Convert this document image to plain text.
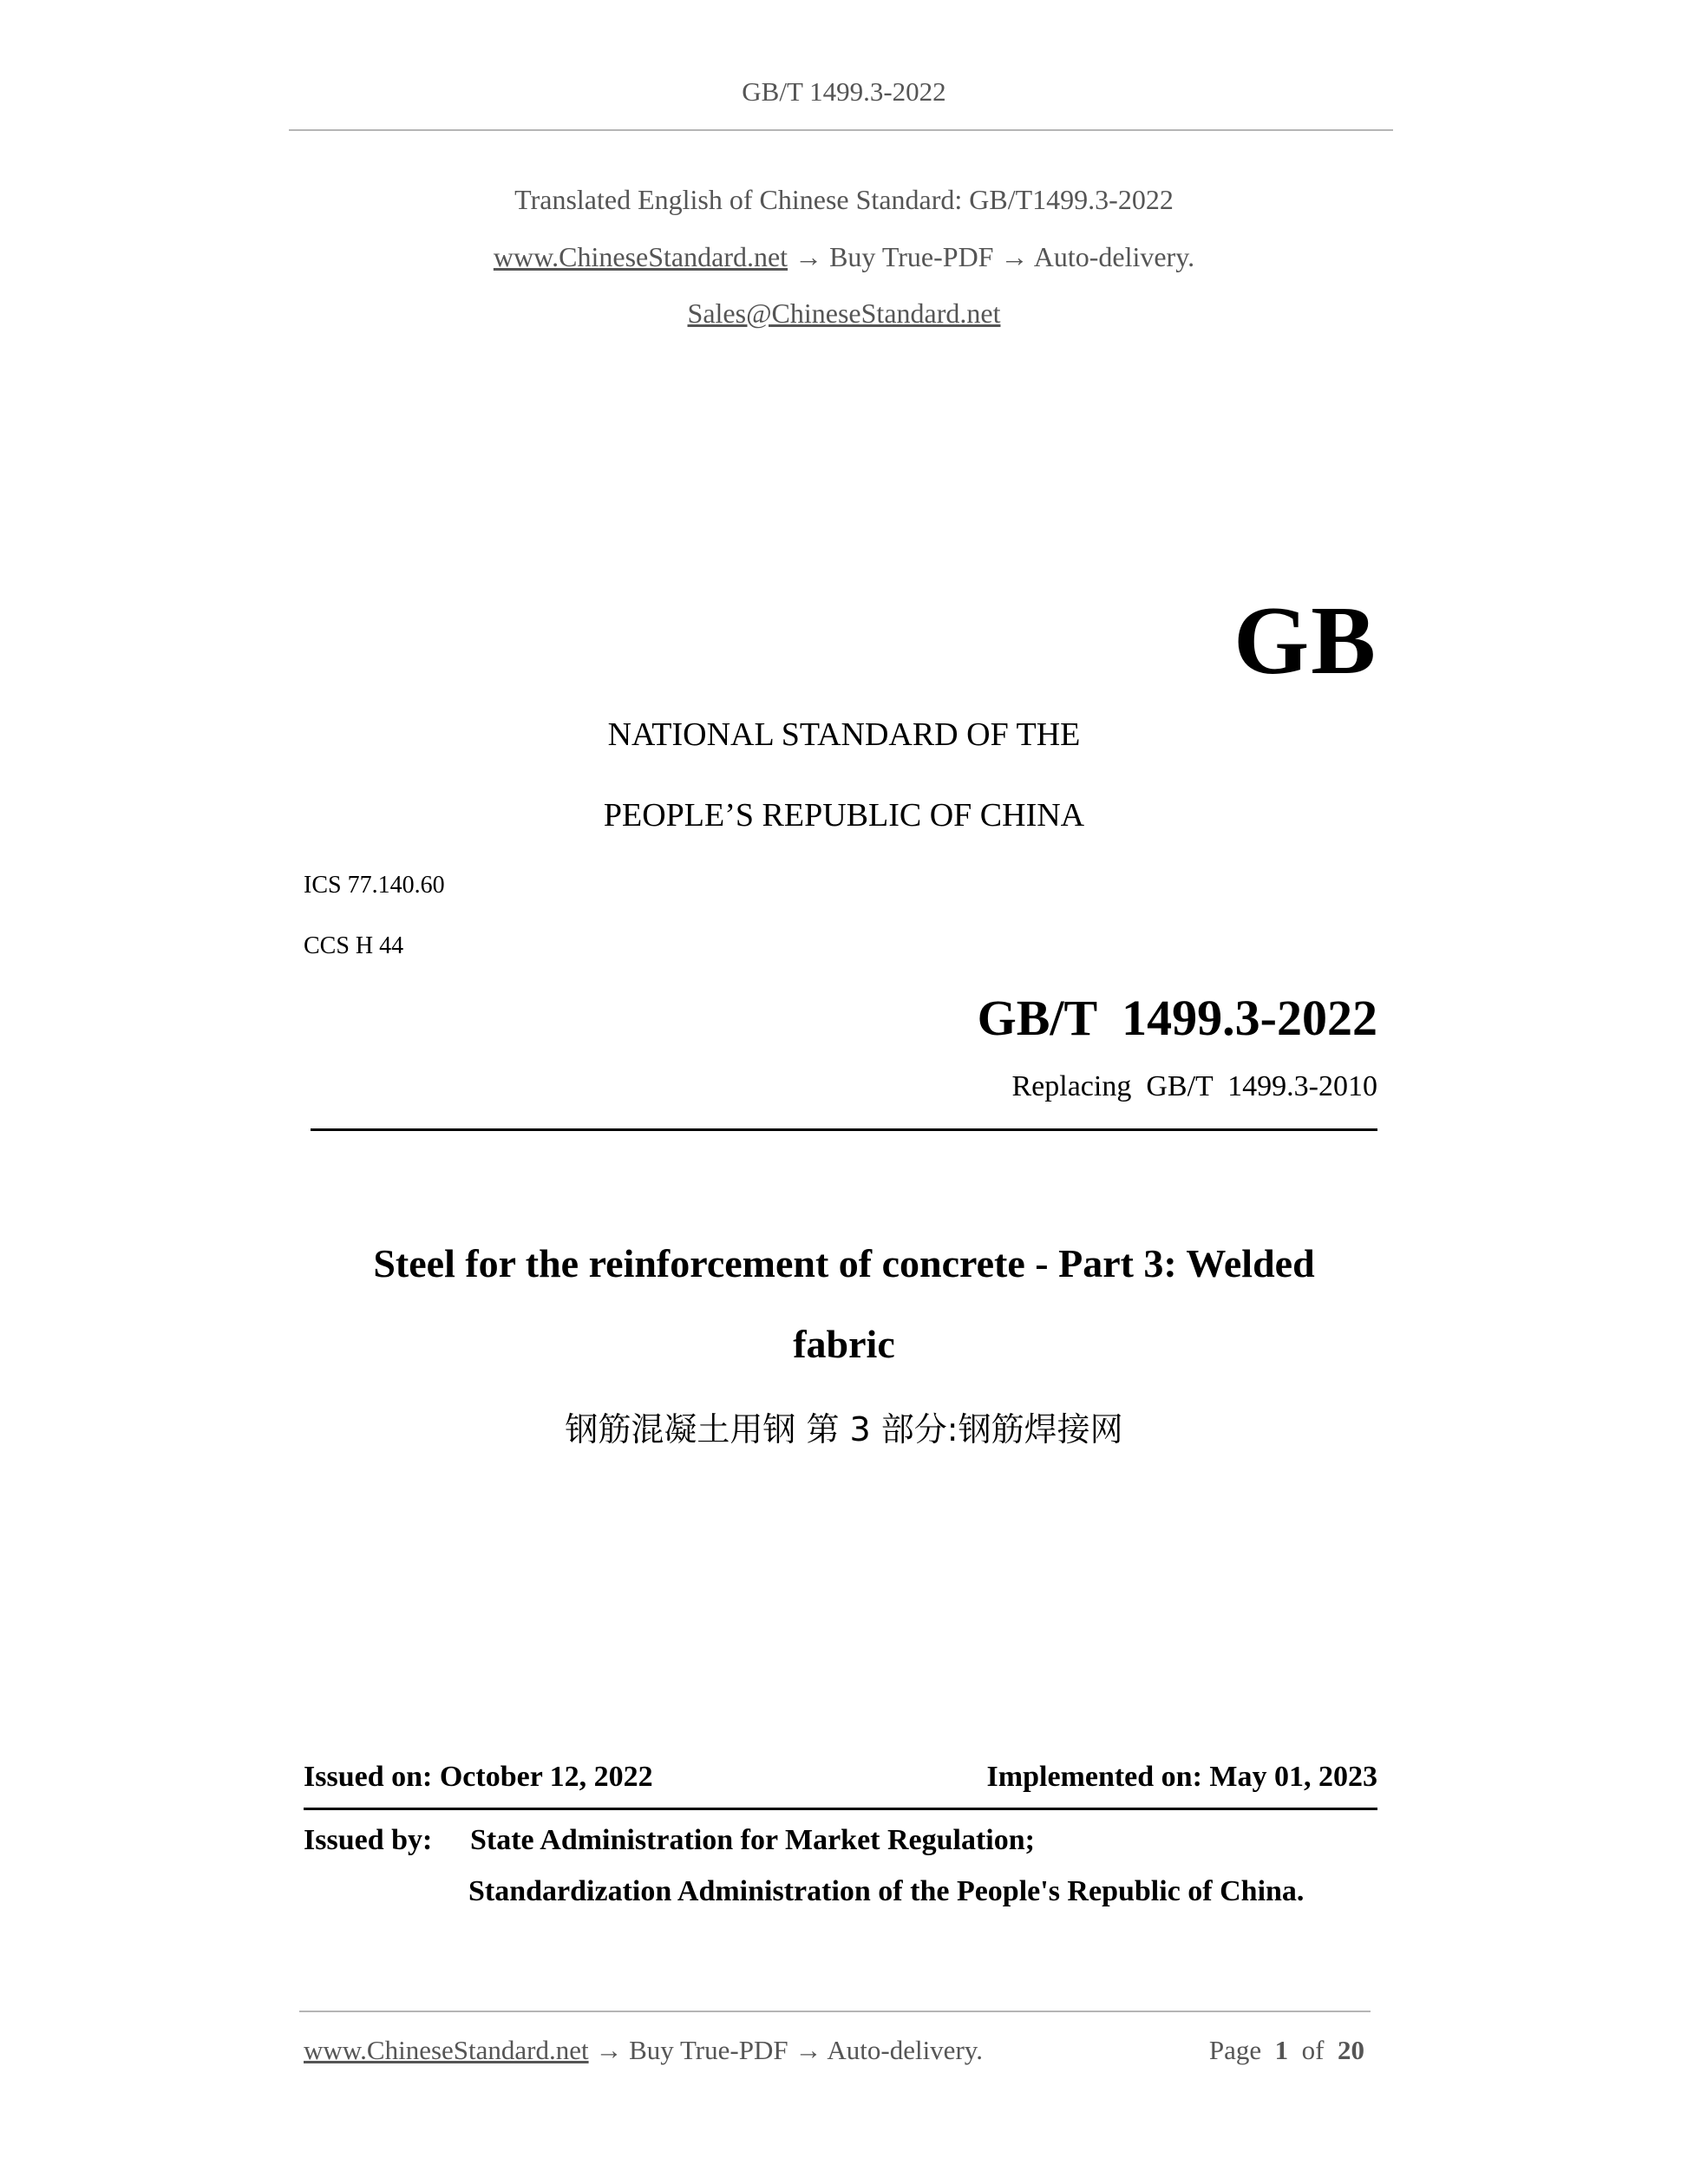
GB/T 1499.3-2022
Translated English of Chinese Standard: GB/T1499.3-2022
www.ChineseStandard.net → Buy True-PDF → Auto-delivery.
Sales@ChineseStandard.net
GB
NATIONAL STANDARD OF THE
PEOPLE’S REPUBLIC OF CHINA
ICS 77.140.60
CCS H 44
GB/T  1499.3-2022
Replacing  GB/T  1499.3-2010
Steel for the reinforcement of concrete - Part 3: Welded
fabric
钢筋混凝土用钢 第 3 部分:钢筋焊接网
Issued on: October 12, 2022	Implemented on: May 01, 2023
Issued by: State Administration for Market Regulation;
Standardization Administration of the People's Republic of China.
www.ChineseStandard.net → Buy True-PDF → Auto-delivery.	Page 1 of 20
